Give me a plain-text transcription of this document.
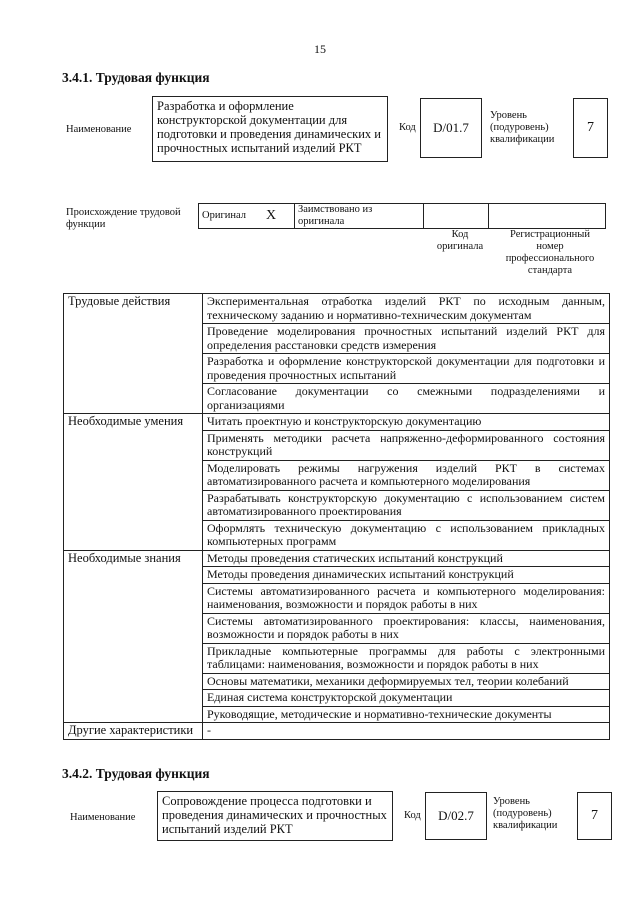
15
3.4.1. Трудовая функция
Наименование
Разработка и оформление конструкторской документации для подготовки и проведения динамических и прочностных испытаний изделий РКТ
Код	D/01.7
Уровень (подуровень) квалификации
7
Происхождение трудовой функции
Оригинал	X	Заимствовано из оригинала		
Код оригинала
Регистрационный номер профессионального стандарта
Трудовые действия	Экспериментальная отработка изделий РКТ по исходным данным, техническому заданию и нормативно-техническим документам
	Проведение моделирования прочностных испытаний изделий РКТ для определения расстановки средств измерения
	Разработка и оформление конструкторской документации для подготовки и проведения прочностных испытаний
	Согласование документации со смежными подразделениями и организациями
Необходимые умения	Читать проектную и конструкторскую документацию
	Применять методики расчета напряженно-деформированного состояния конструкций
	Моделировать режимы нагружения изделий РКТ в системах автоматизированного расчета и компьютерного моделирования
	Разрабатывать конструкторскую документацию с использованием систем автоматизированного проектирования
	Оформлять техническую документацию с использованием прикладных компьютерных программ
Необходимые знания	Методы проведения статических испытаний конструкций
	Методы проведения динамических испытаний конструкций
	Системы автоматизированного расчета и компьютерного моделирования: наименования, возможности и порядок работы в них
	Системы автоматизированного проектирования: классы, наименования, возможности и порядок работы в них
	Прикладные компьютерные программы для работы с электронными таблицами: наименования, возможности и порядок работы в них
	Основы математики, механики деформируемых тел, теории колебаний
	Единая система конструкторской документации
	Руководящие, методические и нормативно-технические документы
Другие характеристики	-
3.4.2. Трудовая функция
Наименование
Сопровождение процесса подготовки и проведения динамических и прочностных испытаний изделий РКТ
Код	D/02.7
Уровень (подуровень) квалификации
7
